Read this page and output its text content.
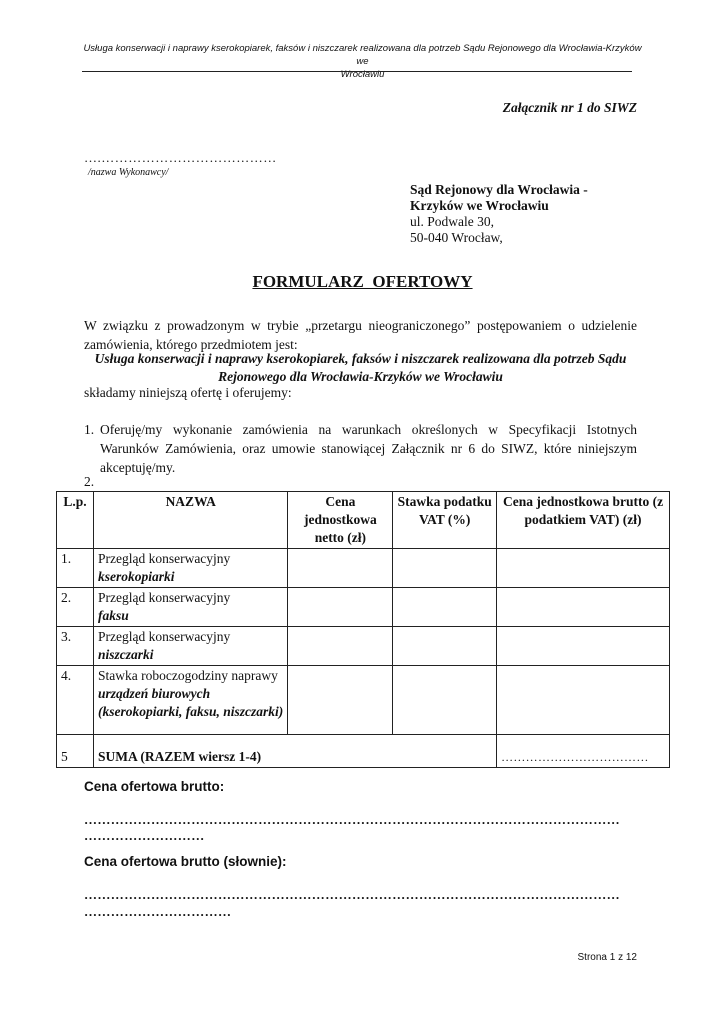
Usługa konserwacji i naprawy kserokopiarek, faksów i niszczarek realizowana dla potrzeb Sądu Rejonowego dla Wrocławia-Krzyków we
Wrocławiu
Załącznik nr 1 do SIWZ
….…………………………………
/nazwa Wykonawcy/
Sąd Rejonowy dla Wrocławia -
Krzyków we Wrocławiu
ul. Podwale 30,
50-040 Wrocław,
FORMULARZ  OFERTOWY
W związku z prowadzonym w trybie „przetargu nieograniczonego” postępowaniem o udzielenie zamówienia, którego przedmiotem jest:
Usługa konserwacji i naprawy kserokopiarek, faksów i niszczarek realizowana dla potrzeb Sądu Rejonowego dla Wrocławia-Krzyków we Wrocławiu
składamy niniejszą ofertę i oferujemy:
1. Oferuję/my wykonanie zamówienia na warunkach określonych w Specyfikacji Istotnych Warunków Zamówienia, oraz umowie stanowiącej Załącznik nr 6 do SIWZ, które niniejszym akceptuję/my.
2.
L.p.	NAZWA	Cena jednostkowa netto (zł)	Stawka podatku VAT (%)	Cena jednostkowa brutto (z podatkiem VAT) (zł)
1.	Przegląd konserwacyjny
kserokopiarki			
2.	Przegląd konserwacyjny
faksu			
3.	Przegląd konserwacyjny
niszczarki			
4.	Stawka roboczogodziny naprawy
urządzeń biurowych (kserokopiarki, faksu, niszczarki)			
5	SUMA (RAZEM wiersz 1-4)			………………………………
Cena ofertowa brutto:
…………………………………………………………………………………………………………
………………………
Cena ofertowa brutto (słownie):
…………………………………………………………………………………………………………
……………………………
Strona 1 z 12
